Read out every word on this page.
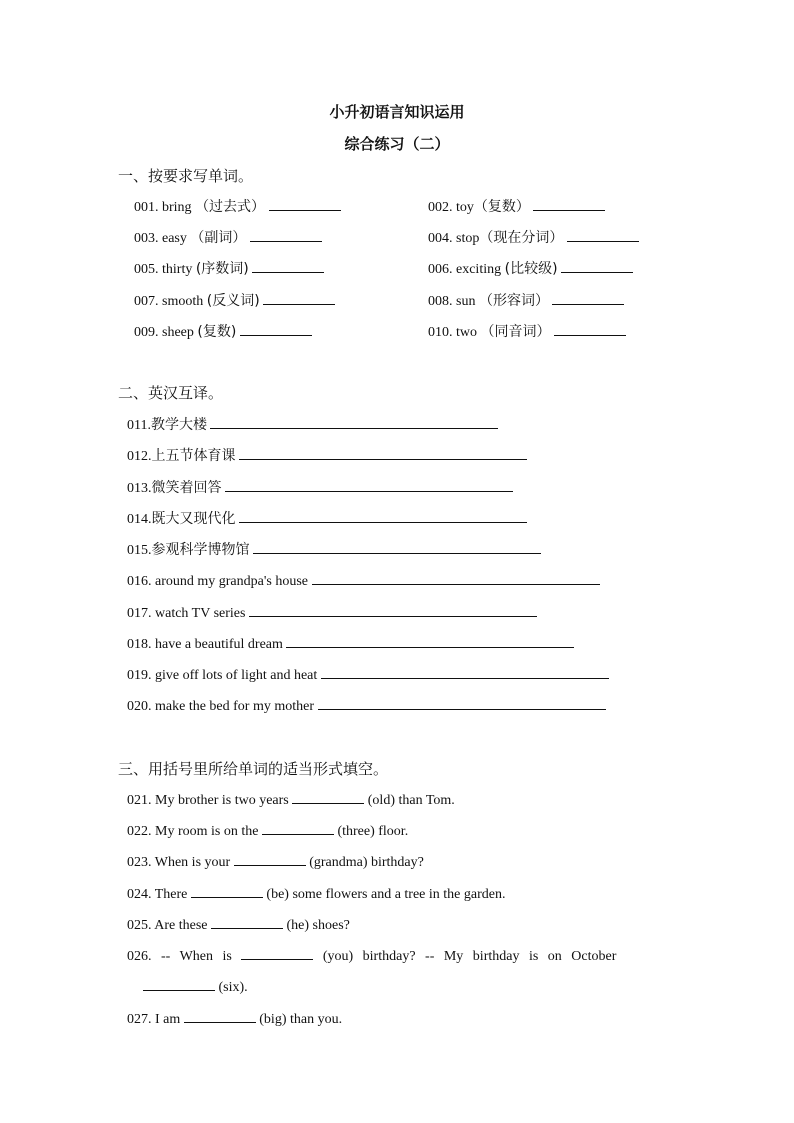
小升初语言知识运用
综合练习（二）
一、按要求写单词。
001. bring （过去式）	002. toy（复数）
003. easy （副词）	004. stop（现在分词）
005. thirty (序数词)	006. exciting (比较级)
007. smooth (反义词)	008. sun （形容词）
009. sheep (复数)	010. two （同音词）
二、英汉互译。
011.教学大楼
012.上五节体育课
013.微笑着回答
014.既大又现代化
015.参观科学博物馆
016. around my grandpa's house
017. watch TV series
018. have a beautiful dream
019. give off lots of light and heat
020. make the bed for my mother
三、用括号里所给单词的适当形式填空。
021. My brother is two years	(old) than Tom.
022. My room is on the	(three) floor.
023. When is your	(grandma) birthday?
024. There	(be) some flowers and a tree in the garden.
025. Are these	(he) shoes?
026. -- When is	(you) birthday? -- My birthday is on October
(six).
027. I am	(big) than you.
